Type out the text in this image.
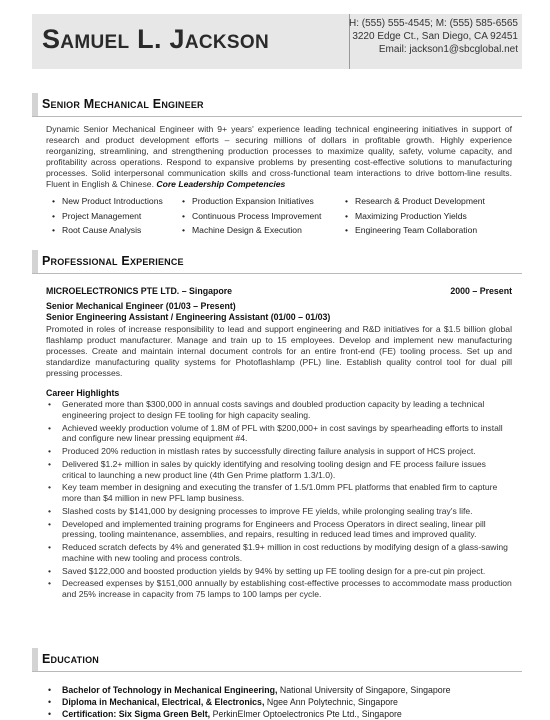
Samuel L. Jackson
H: (555) 555-4545; M: (555) 585-6565
3220 Edge Ct., San Diego, CA 92451
Email: jackson1@sbcglobal.net
Senior Mechanical Engineer
Dynamic Senior Mechanical Engineer with 9+ years' experience leading technical engineering initiatives in support of research and product development efforts – securing millions of dollars in profitable growth. Highly experience reorganizing, streamlining, and strengthening production processes to maximize quality, safety, volume capacity, and profitability across operations. Respond to expansive problems by presenting cost-effective solutions to manufacturing processes. Solid interpersonal communication skills and cross-functional team interactions to drive bottom-line results. Fluent in English & Chinese. Core Leadership Competencies
• New Product Introductions
• Project Management
• Root Cause Analysis
• Production Expansion Initiatives
• Continuous Process Improvement
• Machine Design & Execution
• Research & Product Development
• Maximizing Production Yields
• Engineering Team Collaboration
Professional Experience
MICROELECTRONICS PTE LTD. – Singapore	2000 – Present
Senior Mechanical Engineer (01/03 – Present)
Senior Engineering Assistant / Engineering Assistant (01/00 – 01/03)
Promoted in roles of increase responsibility to lead and support engineering and R&D initiatives for a $1.5 billion global flashlamp product manufacturer. Manage and train up to 15 employees. Develop and implement new manufacturing processes. Create and maintain internal document controls for an entire front-end (FE) tooling process. Set up and standardize manufacturing quality systems for Photoflashlamp (PFL) line. Establish quality control tool for dual pill pressing processes.
Career Highlights
• Generated more than $300,000 in annual costs savings and doubled production capacity by leading a technical engineering project to design FE tooling for high capacity sealing.
• Achieved weekly production volume of 1.8M of PFL with $200,000+ in cost savings by spearheading efforts to install and configure new linear pressing equipment #4.
• Produced 20% reduction in mistlash rates by successfully directing failure analysis in support of HCS project.
• Delivered $1.2+ million in sales by quickly identifying and resolving tooling design and FE process failure issues critical to launching a new product line (4th Gen Prime platform 1.3/1.0).
• Key team member in designing and executing the transfer of 1.5/1.0mm PFL platforms that enabled firm to capture more than $4 million in new PFL lamp business.
• Slashed costs by $141,000 by designing processes to improve FE yields, while prolonging sealing tray's life.
• Developed and implemented training programs for Engineers and Process Operators in direct sealing, linear pill pressing, tooling maintenance, assemblies, and repairs, resulting in reduced lead times and improved quality.
• Reduced scratch defects by 4% and generated $1.9+ million in cost reductions by modifying design of a glass-sawing machine with new tooling and process controls.
• Saved $122,000 and boosted production yields by 94% by setting up FE tooling design for a pre-cut pin project.
• Decreased expenses by $151,000 annually by establishing cost-effective processes to accommodate mass production and 25% increase in capacity from 75 lamps to 100 lamps per cycle.
Education
• Bachelor of Technology in Mechanical Engineering, National University of Singapore, Singapore
• Diploma in Mechanical, Electrical, & Electronics, Ngee Ann Polytechnic, Singapore
• Certification: Six Sigma Green Belt, PerkinElmer Optoelectronics Pte Ltd., Singapore
